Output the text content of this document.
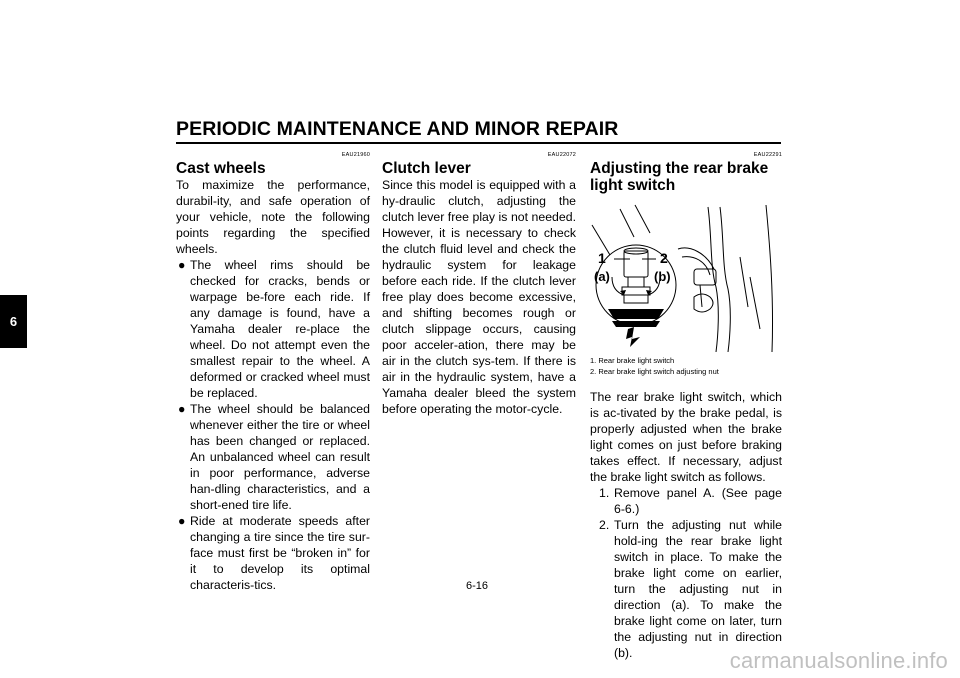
PERIODIC MAINTENANCE AND MINOR REPAIR
6
EAU21960
Cast wheels

To maximize the performance, durabil-ity, and safe operation of your vehicle, note the following points regarding the specified wheels.

● The wheel rims should be checked for cracks, bends or warpage be-fore each ride. If any damage is found, have a Yamaha dealer re-place the wheel. Do not attempt even the smallest repair to the wheel. A deformed or cracked wheel must be replaced.
● The wheel should be balanced whenever either the tire or wheel has been changed or replaced. An unbalanced wheel can result in poor performance, adverse han-dling characteristics, and a short-ened tire life.
● Ride at moderate speeds after changing a tire since the tire sur-face must first be “broken in” for it to develop its optimal characteris-tics.
EAU22072
Clutch lever

Since this model is equipped with a hy-draulic clutch, adjusting the clutch lever free play is not needed. However, it is necessary to check the clutch fluid level and check the hydraulic system for leakage before each ride. If the clutch lever free play does become excessive, and shifting becomes rough or clutch slippage occurs, causing poor acceler-ation, there may be air in the clutch sys-tem. If there is air in the hydraulic system, have a Yamaha dealer bleed the system before operating the motor-cycle.

EAU22291
Adjusting the rear brake light switch
1	2
(a)	(b)
1. Rear brake light switch
2. Rear brake light switch adjusting nut

The rear brake light switch, which is ac-tivated by the brake pedal, is properly adjusted when the brake light comes on just before braking takes effect. If necessary, adjust the brake light switch as follows.

1. Remove panel A. (See page 6-6.)
2. Turn the adjusting nut while hold-ing the rear brake light switch in place. To make the brake light come on earlier, turn the adjusting nut in direction (a). To make the brake light come on later, turn the adjusting nut in direction (b).
6-16
carmanualsonline.info
